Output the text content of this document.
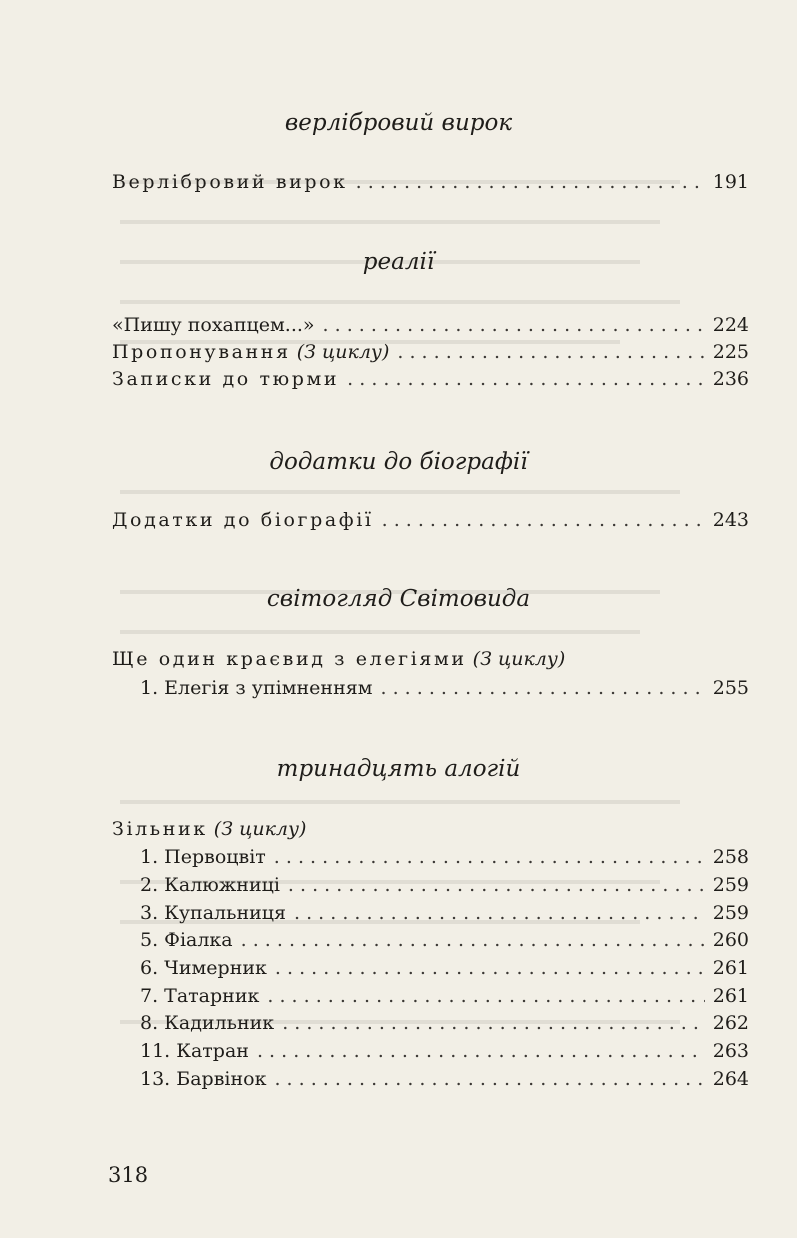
верлібровий вирок
Верлібровий вирок . . .	191
реалії
«Пишу похапцем...» . . .	224
Пропонування (З циклу) . . .	225
Записки до тюрми . . .	236
додатки до біографії
Додатки до біографії . . .	243
світогляд Світовида
Ще один краєвид з елегіями (З циклу)
1. Елегія з упімненням . . .	255
тринадцять алогій
Зільник (З циклу)
1. Первоцвіт . . .	258
2. Калюжниці . . .	259
3. Купальниця . . .	259
5. Фіалка . . .	260
6. Чимерник . . .	261
7. Татарник . . .	261
8. Кадильник . . .	262
11. Катран . . .	263
13. Барвінок . . .	264
318
